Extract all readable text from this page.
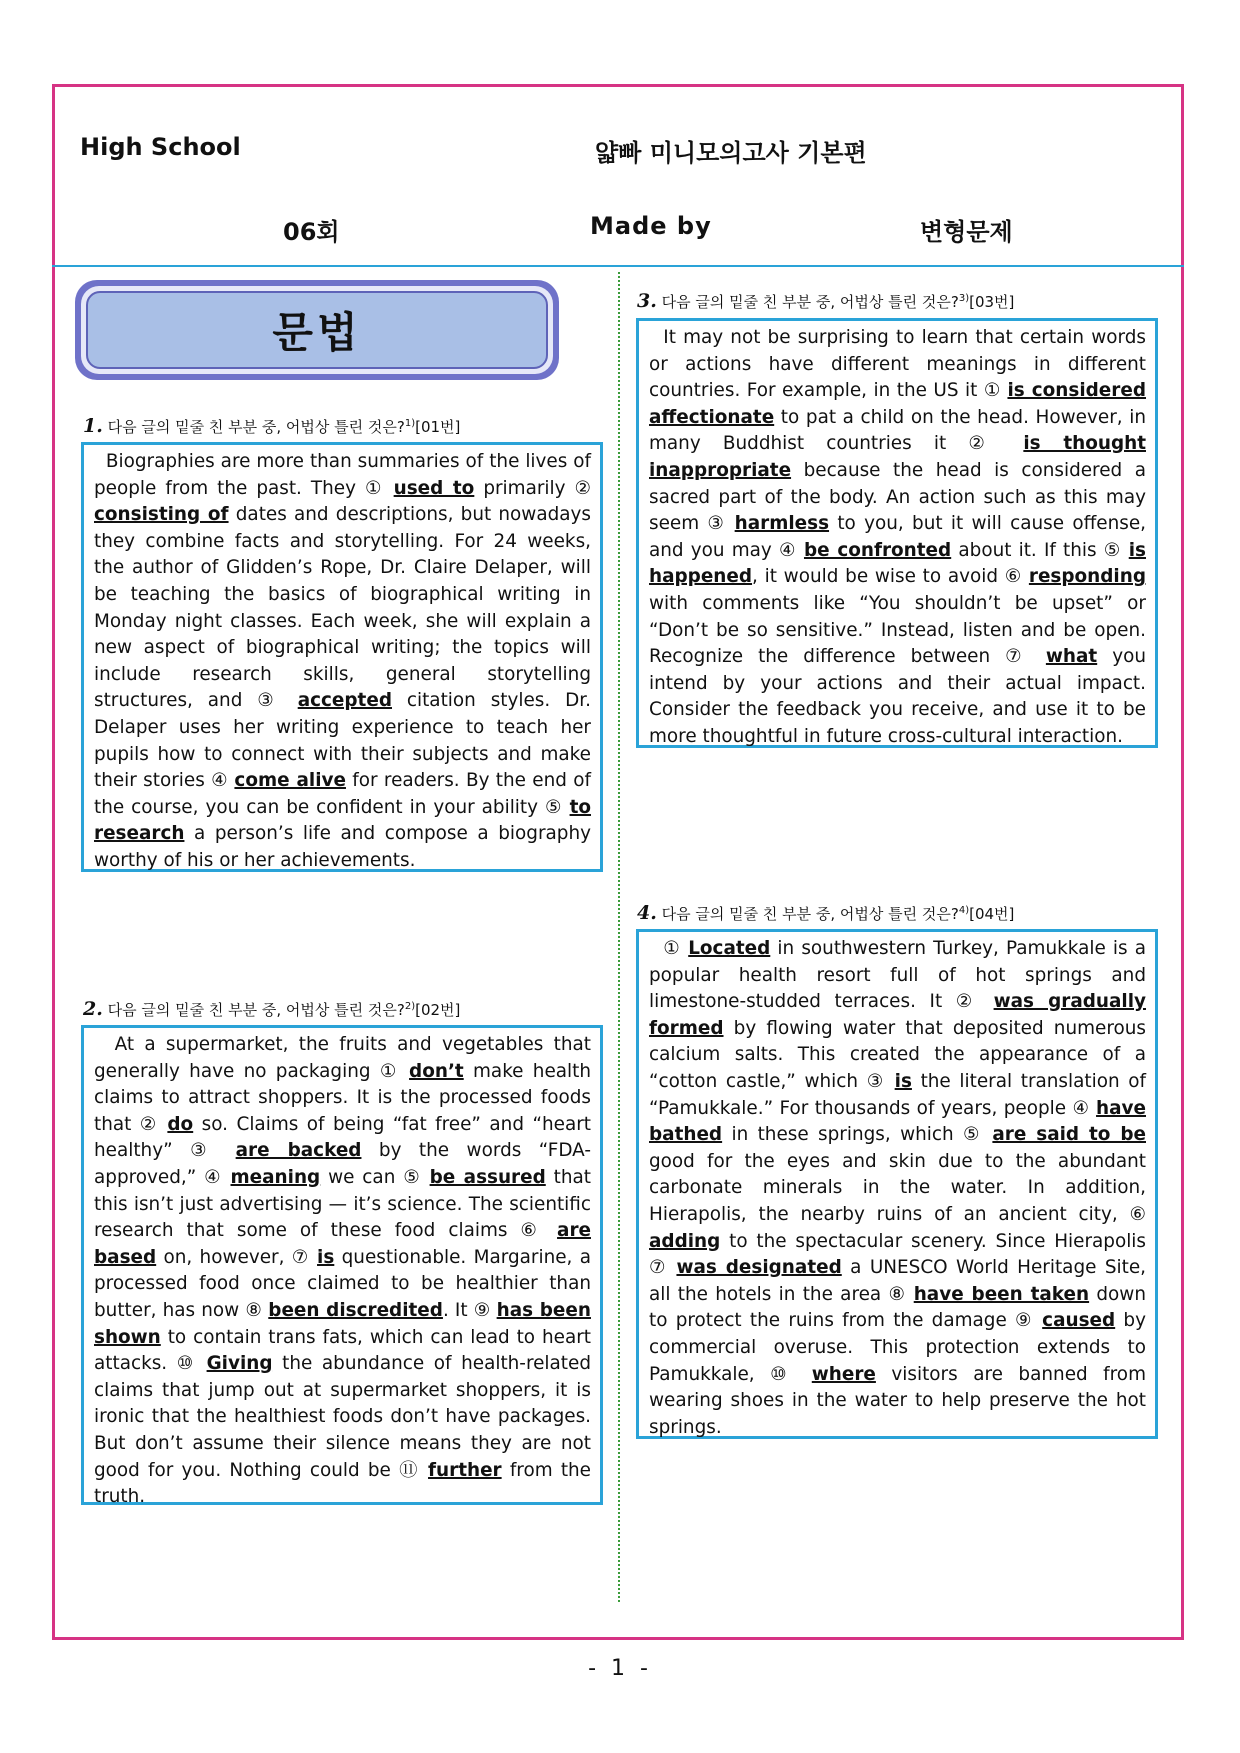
High School	얇빠 미니모의고사 기본편
06회	Made by	변형문제
문법
1. 다음 글의 밑줄 친 부분 중, 어법상 틀린 것은?$^{1)}$[01번]
Biographies are more than summaries of the lives of people from the past. They ① used to primarily ② consisting of dates and descriptions, but nowadays they combine facts and storytelling. For 24 weeks, the author of Glidden’s Rope, Dr. Claire Delaper, will be teaching the basics of biographical writing in Monday night classes. Each week, she will explain a new aspect of biographical writing; the topics will include research skills, general storytelling structures, and ③ accepted citation styles. Dr. Delaper uses her writing experience to teach her pupils how to connect with their subjects and make their stories ④ come alive for readers. By the end of the course, you can be confident in your ability ⑤ to research a person’s life and compose a biography worthy of his or her achievements.
2. 다음 글의 밑줄 친 부분 중, 어법상 틀린 것은?$^{2)}$[02번]
At a supermarket, the fruits and vegetables that generally have no packaging ① don’t make health claims to attract shoppers. It is the processed foods that ② do so. Claims of being “fat free” and “heart healthy” ③ are backed by the words “FDA-approved,” ④ meaning we can ⑤ be assured that this isn’t just advertising — it’s science. The scientific research that some of these food claims ⑥ are based on, however, ⑦ is questionable. Margarine, a processed food once claimed to be healthier than butter, has now ⑧ been discredited. It ⑨ has been shown to contain trans fats, which can lead to heart attacks. ⑩ Giving the abundance of health-related claims that jump out at supermarket shoppers, it is ironic that the healthiest foods don’t have packages. But don’t assume their silence means they are not good for you. Nothing could be ⑪ further from the truth.
3. 다음 글의 밑줄 친 부분 중, 어법상 틀린 것은?$^{3)}$[03번]
It may not be surprising to learn that certain words or actions have different meanings in different countries. For example, in the US it ① is considered affectionate to pat a child on the head. However, in many Buddhist countries it ② is thought inappropriate because the head is considered a sacred part of the body. An action such as this may seem ③ harmless to you, but it will cause offense, and you may ④ be confronted about it. If this ⑤ is happened, it would be wise to avoid ⑥ responding with comments like “You shouldn’t be upset” or “Don’t be so sensitive.” Instead, listen and be open. Recognize the difference between ⑦ what you intend by your actions and their actual impact. Consider the feedback you receive, and use it to be more thoughtful in future cross-cultural interaction.
4. 다음 글의 밑줄 친 부분 중, 어법상 틀린 것은?$^{4)}$[04번]
① Located in southwestern Turkey, Pamukkale is a popular health resort full of hot springs and limestone-studded terraces. It ② was gradually formed by flowing water that deposited numerous calcium salts. This created the appearance of a “cotton castle,” which ③ is the literal translation of “Pamukkale.” For thousands of years, people ④ have bathed in these springs, which ⑤ are said to be good for the eyes and skin due to the abundant carbonate minerals in the water. In addition, Hierapolis, the nearby ruins of an ancient city, ⑥ adding to the spectacular scenery. Since Hierapolis ⑦ was designated a UNESCO World Heritage Site, all the hotels in the area ⑧ have been taken down to protect the ruins from the damage ⑨ caused by commercial overuse. This protection extends to Pamukkale, ⑩ where visitors are banned from wearing shoes in the water to help preserve the hot springs.
- 1 -
